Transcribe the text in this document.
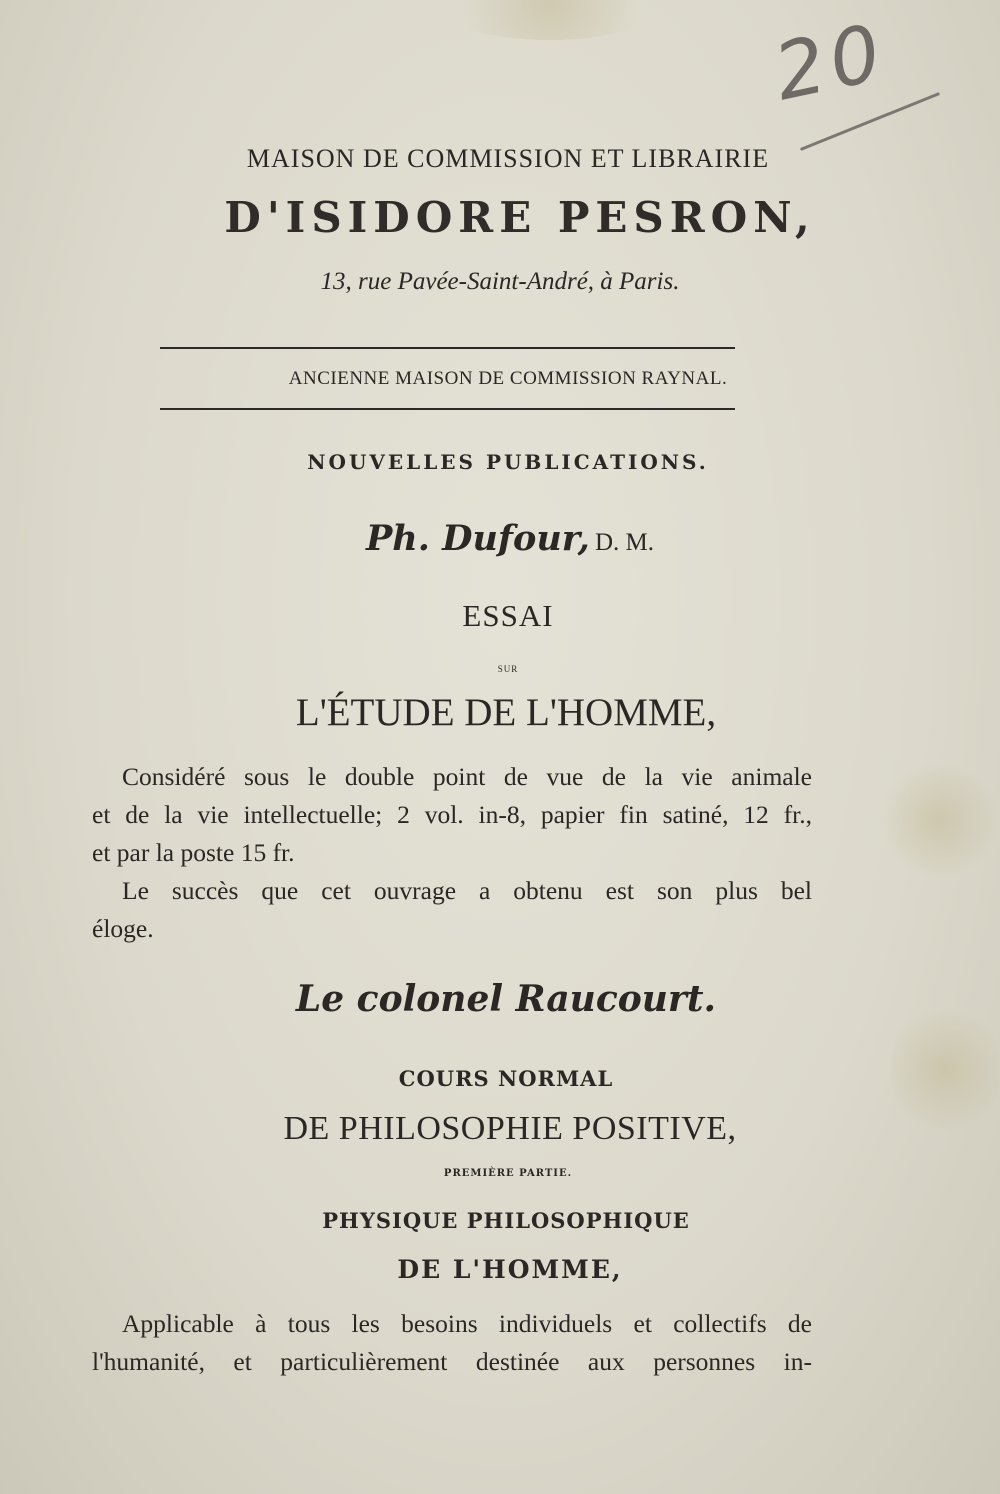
20
MAISON DE COMMISSION ET LIBRAIRIE
D'ISIDORE PESRON,
13, rue Pavée-Saint-André, à Paris.
ANCIENNE MAISON DE COMMISSION RAYNAL.
NOUVELLES PUBLICATIONS.
Ph. Dufour, D. M.
ESSAI
SUR
L'ÉTUDE DE L'HOMME,
Considéré sous le double point de vue de la vie animale
et de la vie intellectuelle; 2 vol. in-8, papier fin satiné, 12 fr.,
et par la poste 15 fr.
Le succès que cet ouvrage a obtenu est son plus bel
éloge.
Le colonel Raucourt.
COURS NORMAL
DE PHILOSOPHIE POSITIVE,
PREMIÈRE PARTIE.
PHYSIQUE PHILOSOPHIQUE
DE L'HOMME,
Applicable à tous les besoins individuels et collectifs de
l'humanité, et particulièrement destinée aux personnes in-
